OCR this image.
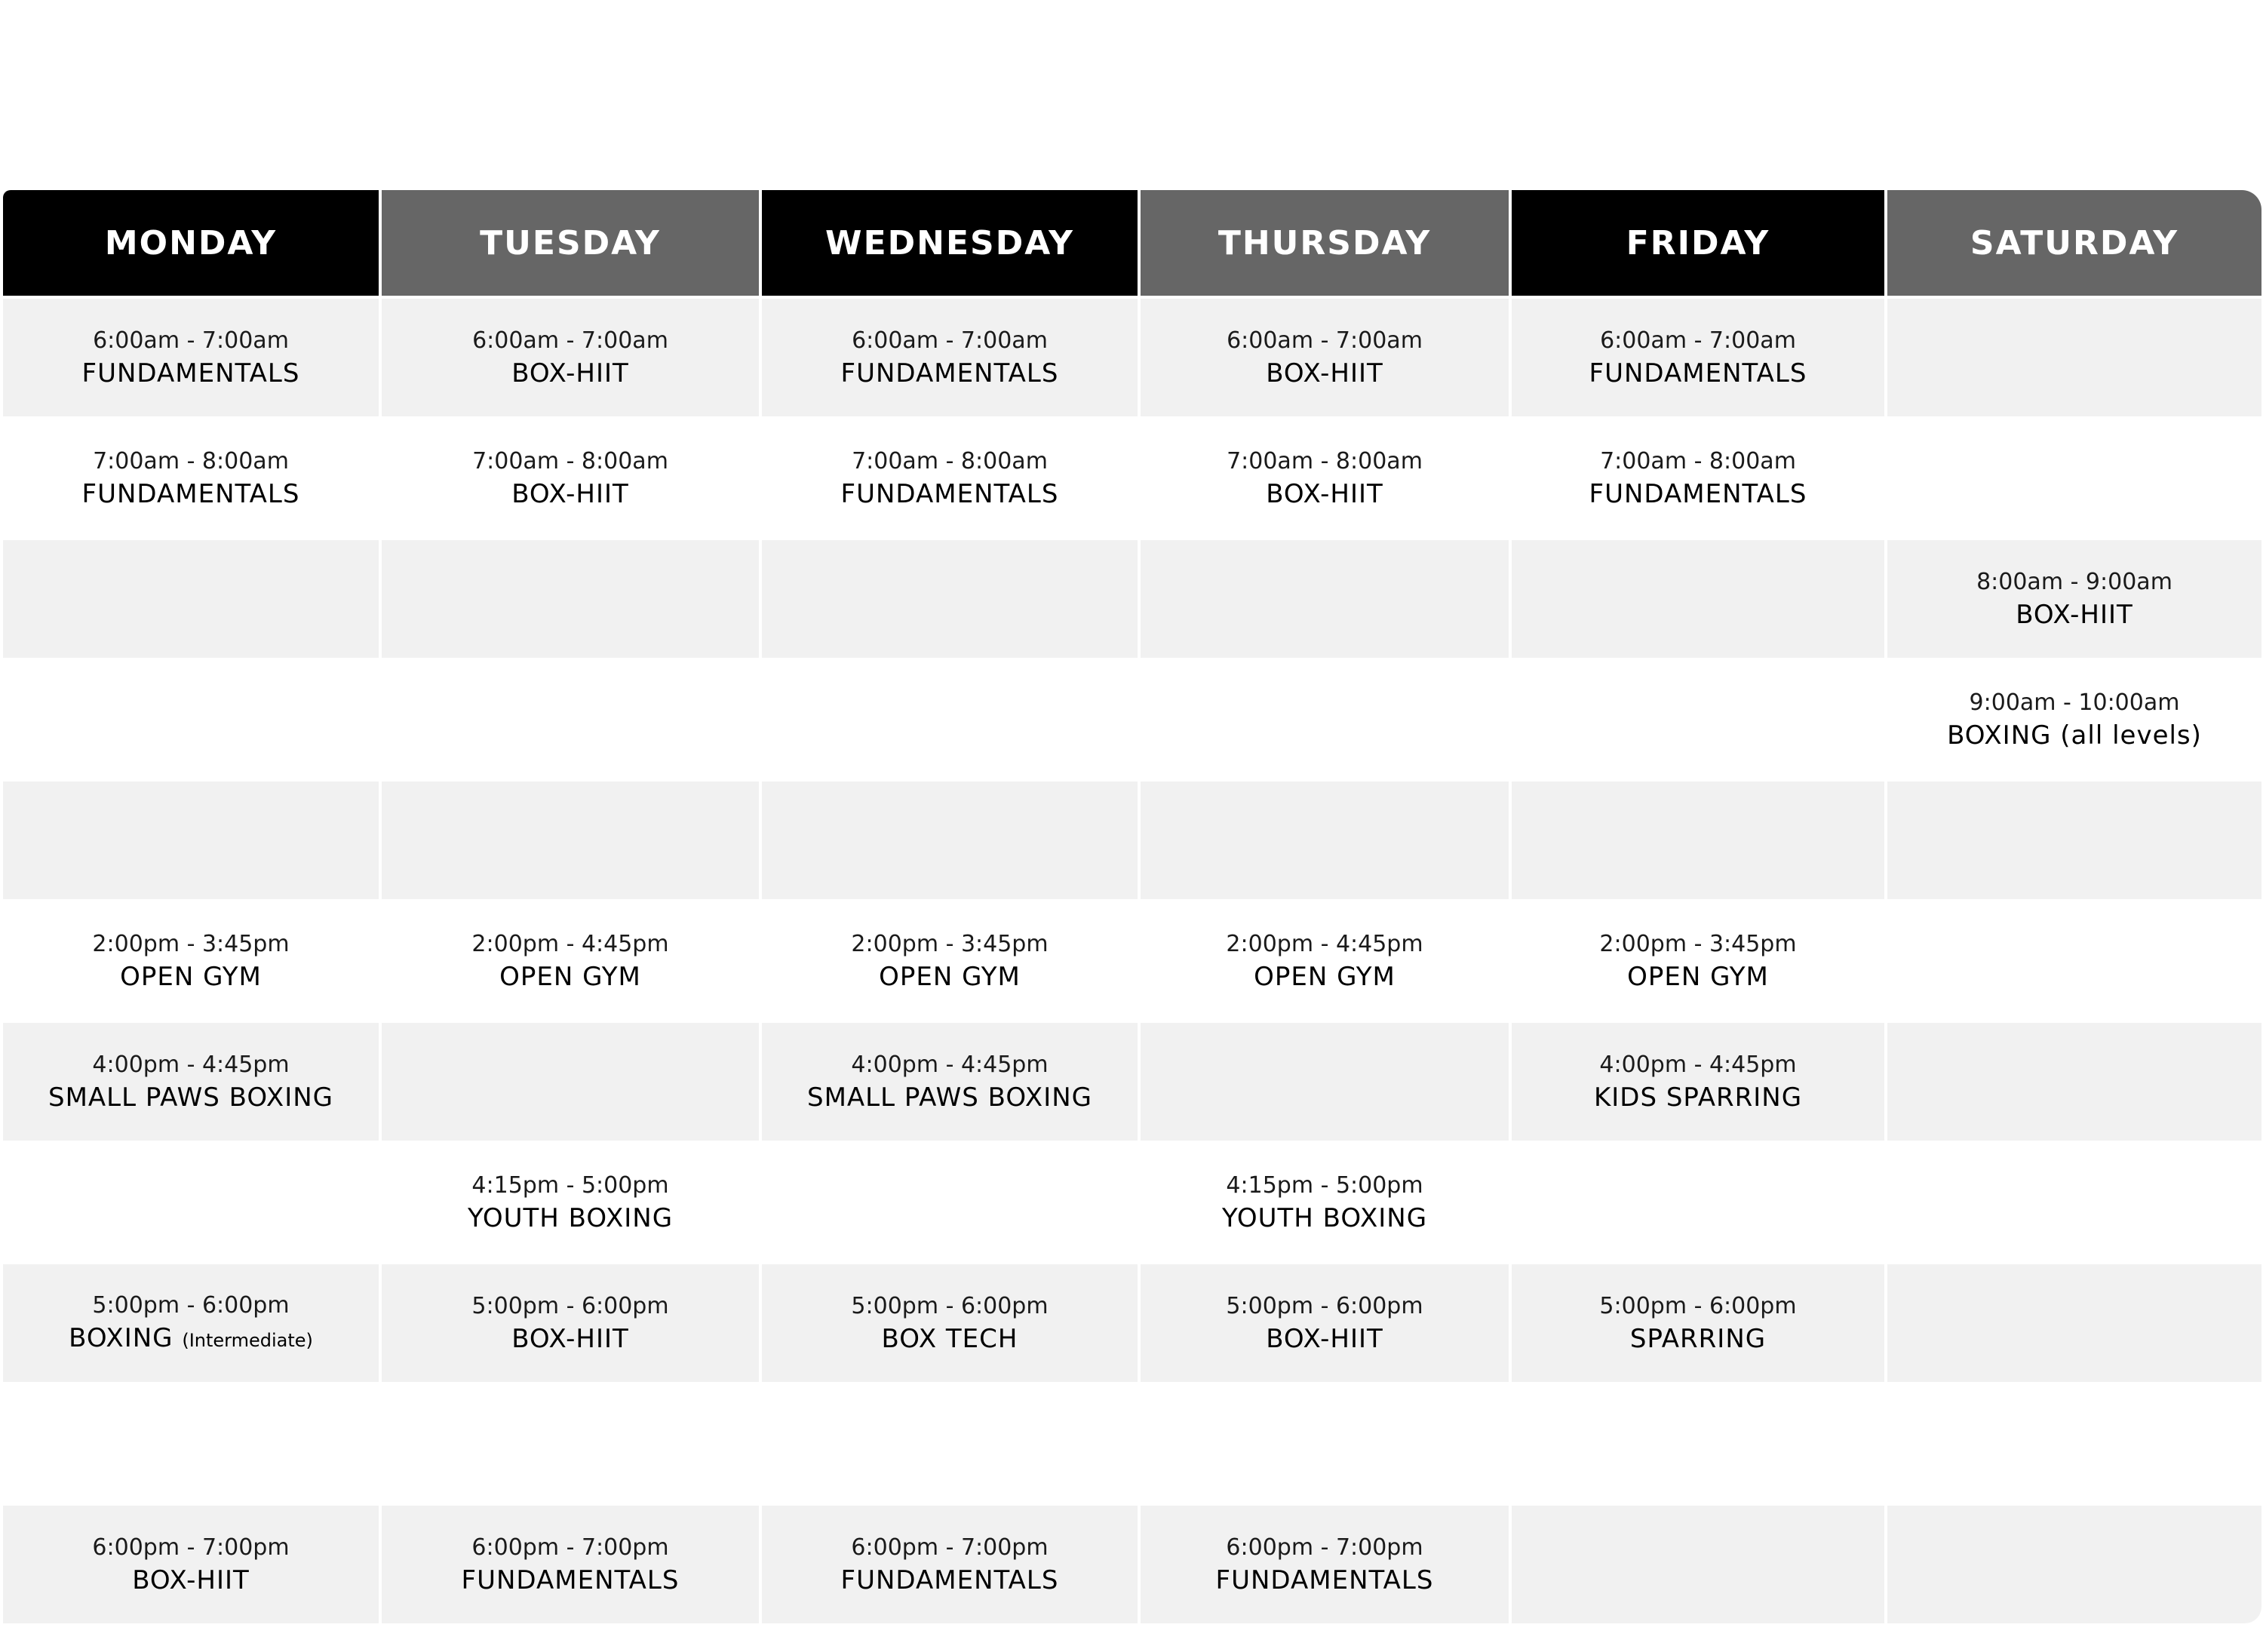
MONDAY
6:00am - 7:00am
FUNDAMENTALS
7:00am - 8:00am
FUNDAMENTALS
2:00pm - 3:45pm
OPEN GYM
4:00pm - 4:45pm
SMALL PAWS BOXING
5:00pm - 6:00pm
BOXING (Intermediate)
6:00pm - 7:00pm
BOX-HIIT
TUESDAY
6:00am - 7:00am
BOX-HIIT
7:00am - 8:00am
BOX-HIIT
2:00pm - 4:45pm
OPEN GYM
4:15pm - 5:00pm
YOUTH BOXING
5:00pm - 6:00pm
BOX-HIIT
6:00pm - 7:00pm
FUNDAMENTALS
WEDNESDAY
6:00am - 7:00am
FUNDAMENTALS
7:00am - 8:00am
FUNDAMENTALS
2:00pm - 3:45pm
OPEN GYM
4:00pm - 4:45pm
SMALL PAWS BOXING
5:00pm - 6:00pm
BOX TECH
6:00pm - 7:00pm
FUNDAMENTALS
THURSDAY
6:00am - 7:00am
BOX-HIIT
7:00am - 8:00am
BOX-HIIT
2:00pm - 4:45pm
OPEN GYM
4:15pm - 5:00pm
YOUTH BOXING
5:00pm - 6:00pm
BOX-HIIT
6:00pm - 7:00pm
FUNDAMENTALS
FRIDAY
6:00am - 7:00am
FUNDAMENTALS
7:00am - 8:00am
FUNDAMENTALS
2:00pm - 3:45pm
OPEN GYM
4:00pm - 4:45pm
KIDS SPARRING
5:00pm - 6:00pm
SPARRING
SATURDAY
8:00am - 9:00am
BOX-HIIT
9:00am - 10:00am
BOXING (all levels)
